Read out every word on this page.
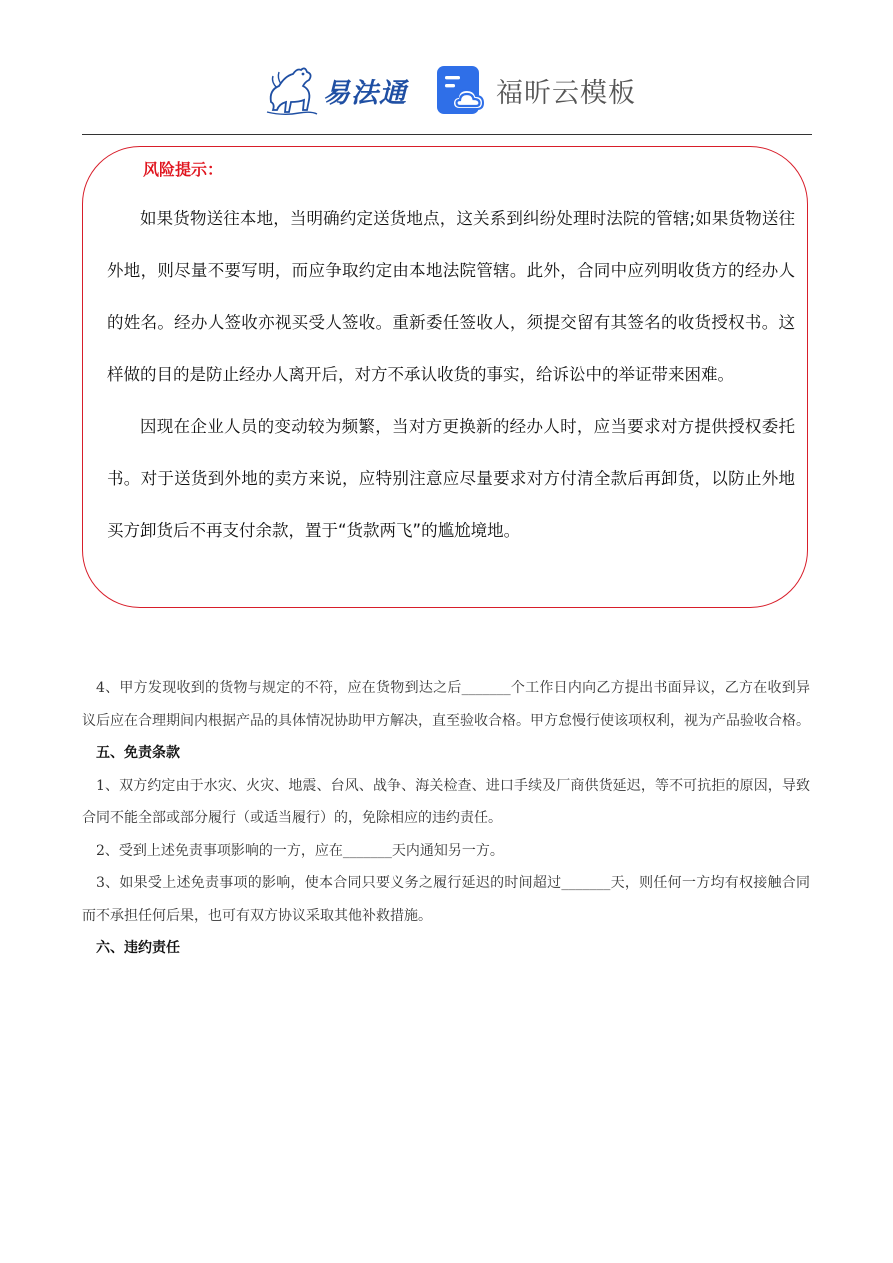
易法通	福昕云模板
风险提示：

如果货物送往本地，当明确约定送货地点，这关系到纠纷处理时法院的管辖;如果货物送往外地，则尽量不要写明，而应争取约定由本地法院管辖。此外，合同中应列明收货方的经办人的姓名。经办人签收亦视买受人签收。重新委任签收人，须提交留有其签名的收货授权书。这样做的目的是防止经办人离开后，对方不承认收货的事实，给诉讼中的举证带来困难。

因现在企业人员的变动较为频繁，当对方更换新的经办人时，应当要求对方提供授权委托书。对于送货到外地的卖方来说，应特别注意应尽量要求对方付清全款后再卸货，以防止外地买方卸货后不再支付余款，置于“货款两飞”的尴尬境地。

4、甲方发现收到的货物与规定的不符，应在货物到达之后_______个工作日内向乙方提出书面异议，乙方在收到异议后应在合理期间内根据产品的具体情况协助甲方解决，直至验收合格。甲方怠慢行使该项权利，视为产品验收合格。

五、免责条款

1、双方约定由于水灾、火灾、地震、台风、战争、海关检查、进口手续及厂商供货延迟，等不可抗拒的原因，导致合同不能全部或部分履行（或适当履行）的，免除相应的违约责任。

2、受到上述免责事项影响的一方，应在_______天内通知另一方。

3、如果受上述免责事项的影响，使本合同只要义务之履行延迟的时间超过_______天，则任何一方均有权接触合同而不承担任何后果，也可有双方协议采取其他补救措施。

六、违约责任
